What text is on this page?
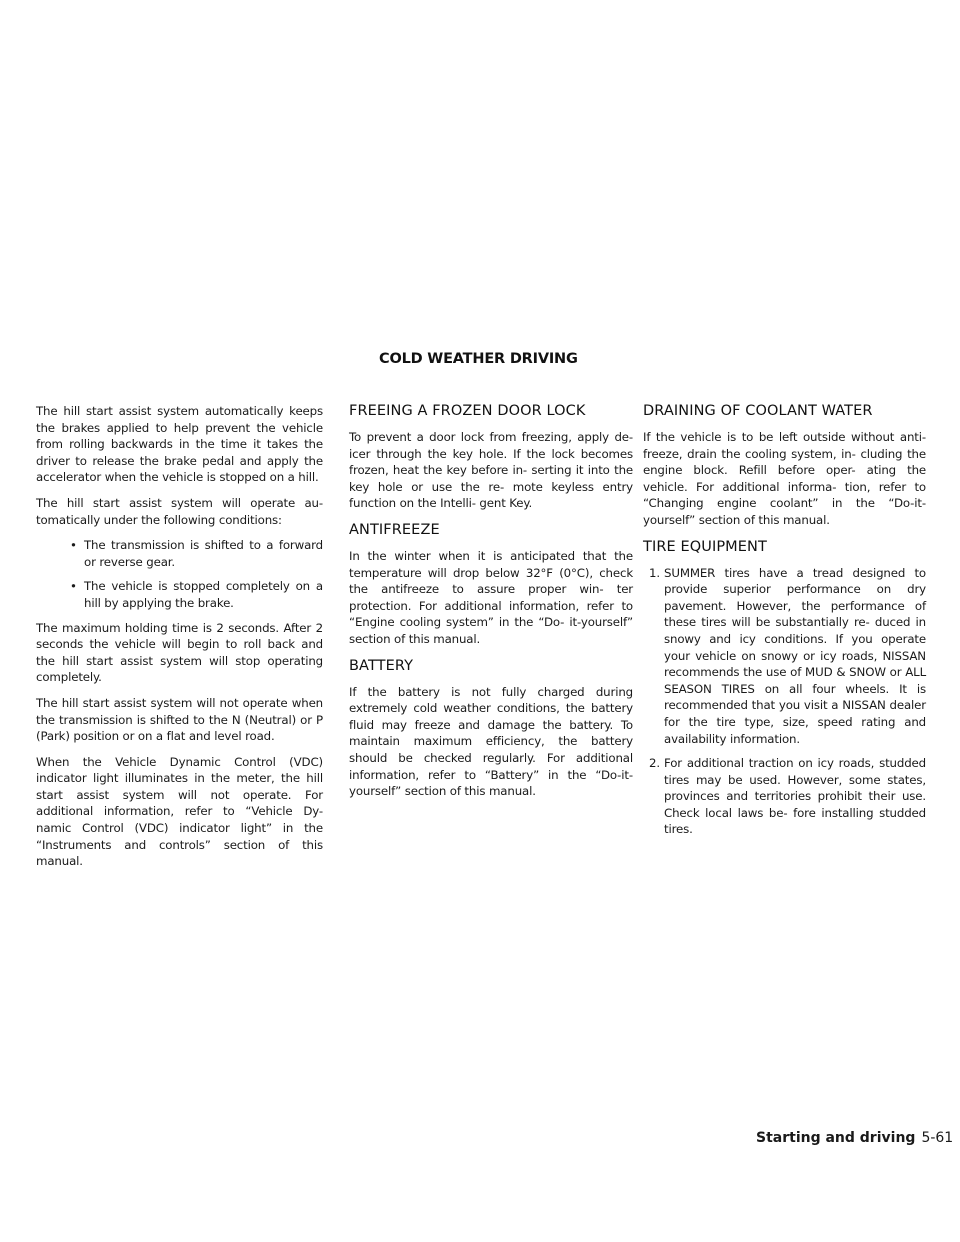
COLD WEATHER DRIVING

The hill start assist system automatically keeps the brakes applied to help prevent the vehicle from rolling backwards in the time it takes the driver to release the brake pedal and apply the accelerator when the vehicle is stopped on a hill.

The hill start assist system will operate au- tomatically under the following conditions:

• The transmission is shifted to a forward or reverse gear.
• The vehicle is stopped completely on a hill by applying the brake.

The maximum holding time is 2 seconds. After 2 seconds the vehicle will begin to roll back and the hill start assist system will stop operating completely.

The hill start assist system will not operate when the transmission is shifted to the N (Neutral) or P (Park) position or on a flat and level road.

When the Vehicle Dynamic Control (VDC) indicator light illuminates in the meter, the hill start assist system will not operate. For additional information, refer to “Vehicle Dy- namic Control (VDC) indicator light” in the “Instruments and controls” section of this manual.

FREEING A FROZEN DOOR LOCK

To prevent a door lock from freezing, apply de-icer through the key hole. If the lock becomes frozen, heat the key before in- serting it into the key hole or use the re- mote keyless entry function on the Intelli- gent Key.

ANTIFREEZE

In the winter when it is anticipated that the temperature will drop below 32°F (0°C), check the antifreeze to assure proper win- ter protection. For additional information, refer to “Engine cooling system” in the “Do- it-yourself” section of this manual.

BATTERY

If the battery is not fully charged during extremely cold weather conditions, the battery fluid may freeze and damage the battery. To maintain maximum efficiency, the battery should be checked regularly. For additional information, refer to “Battery” in the “Do-it-yourself” section of this manual.

DRAINING OF COOLANT WATER

If the vehicle is to be left outside without anti-freeze, drain the cooling system, in- cluding the engine block. Refill before oper- ating the vehicle. For additional informa- tion, refer to “Changing engine coolant” in the “Do-it-yourself” section of this manual.

TIRE EQUIPMENT
1. SUMMER tires have a tread designed to provide superior performance on dry pavement. However, the performance of these tires will be substantially re- duced in snowy and icy conditions. If you operate your vehicle on snowy or icy roads, NISSAN recommends the use of MUD & SNOW or ALL SEASON TIRES on all four wheels. It is recommended that you visit a NISSAN dealer for the tire type, size, speed rating and availability information.
2. For additional traction on icy roads, studded tires may be used. However, some states, provinces and territories prohibit their use. Check local laws be- fore installing studded tires.
Starting and driving 5-61
